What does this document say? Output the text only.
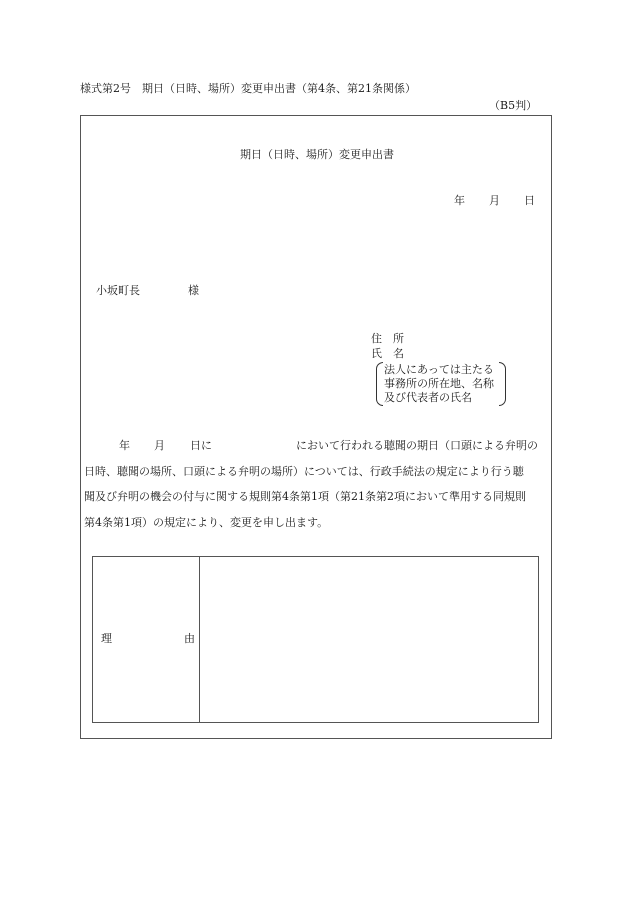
様式第2号　期日（日時、場所）変更申出書（第4条、第21条関係）
（B5判）
期日（日時、場所）変更申出書
年 月 日
小坂町長	様
住　所
氏　名
法人にあっては主たる
事務所の所在地、名称
及び代表者の氏名
年 月 日に	において行われる聴聞の期日（口頭による弁明の
日時、聴聞の場所、口頭による弁明の場所）については、行政手続法の規定により行う聴
聞及び弁明の機会の付与に関する規則第4条第1項（第21条第2項において準用する同規則
第4条第1項）の規定により、変更を申し出ます。
理	由
